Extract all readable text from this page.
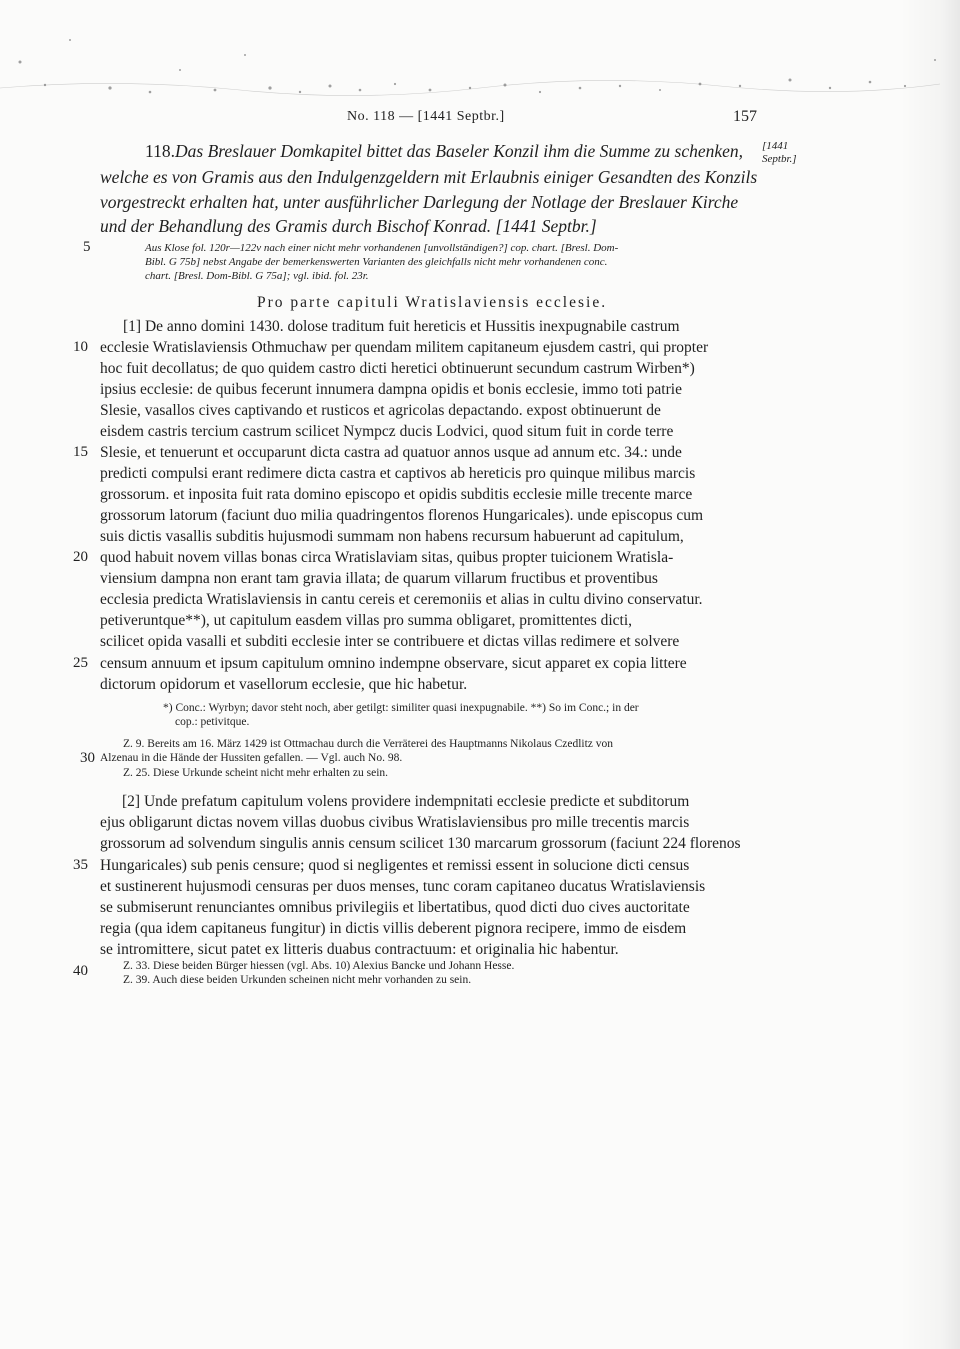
No. 118 — [1441 Septbr.]	157
118. Das Breslauer Domkapitel bittet das Baseler Konzil ihm die Summe zu schenken,
welche es von Gramis aus den Indulgenzgeldern mit Erlaubnis einiger Gesandten des Konzils
vorgestreckt erhalten hat, unter ausführlicher Darlegung der Notlage der Breslauer Kirche
und der Behandlung des Gramis durch Bischof Konrad. [1441 Septbr.]
[1441
Septbr.]
5	Aus Klose fol. 120r—122v nach einer nicht mehr vorhandenen [unvollständigen?] cop. chart. [Bresl. Dom-
Bibl. G 75b] nebst Angabe der bemerkenswerten Varianten des gleichfalls nicht mehr vorhandenen conc.
chart. [Bresl. Dom-Bibl. G 75a]; vgl. ibid. fol. 23r.
Pro parte capituli Wratislaviensis ecclesie.
[1] De anno domini 1430. dolose traditum fuit hereticis et Hussitis inexpugnabile castrum
10 ecclesie Wratislaviensis Othmuchaw per quendam militem capitaneum ejusdem castri, qui propter
hoc fuit decollatus; de quo quidem castro dicti heretici obtinuerunt secundum castrum Wirben*)
ipsius ecclesie: de quibus fecerunt innumera dampna opidis et bonis ecclesie, immo toti patrie
Slesie, vasallos cives captivando et rusticos et agricolas depactando. expost obtinuerunt de
eisdem castris tercium castrum scilicet Nympcz ducis Lodvici, quod situm fuit in corde terre
15 Slesie, et tenuerunt et occuparunt dicta castra ad quatuor annos usque ad annum etc. 34.: unde
predicti compulsi erant redimere dicta castra et captivos ab hereticis pro quinque milibus marcis
grossorum. et inposita fuit rata domino episcopo et opidis subditis ecclesie mille trecente marce
grossorum latorum (faciunt duo milia quadringentos florenos Hungaricales). unde episcopus cum
suis dictis vasallis subditis hujusmodi summam non habens recursum habuerunt ad capitulum,
20 quod habuit novem villas bonas circa Wratislaviam sitas, quibus propter tuicionem Wratisla-
viensium dampna non erant tam gravia illata; de quarum villarum fructibus et proventibus
ecclesia predicta Wratislaviensis in cantu cereis et ceremoniis et alias in cultu divino conservatur.
petiveruntque**), ut capitulum easdem villas pro summa obligaret, promittentes dicti,
scilicet opida vasalli et subditi ecclesie inter se contribuere et dictas villas redimere et solvere
25 censum annuum et ipsum capitulum omnino indempne observare, sicut apparet ex copia littere
dictorum opidorum et vasellorum ecclesie, que hic habetur.
*) Conc.: Wyrbyn; davor steht noch, aber getilgt: similiter quasi inexpugnabile. **) So im Conc.; in der
cop.: petivitque.
Z. 9. Bereits am 16. März 1429 ist Ottmachau durch die Verräterei des Hauptmanns Nikolaus Czedlitz von
30 Alzenau in die Hände der Hussiten gefallen. — Vgl. auch No. 98.
Z. 25. Diese Urkunde scheint nicht mehr erhalten zu sein.
[2] Unde prefatum capitulum volens providere indempnitati ecclesie predicte et subditorum
ejus obligarunt dictas novem villas duobus civibus Wratislaviensibus pro mille trecentis marcis
grossorum ad solvendum singulis annis censum scilicet 130 marcarum grossorum (faciunt 224 florenos
35 Hungaricales) sub penis censure; quod si negligentes et remissi essent in solucione dicti census
et sustinerent hujusmodi censuras per duos menses, tunc coram capitaneo ducatus Wratislaviensis
se submiserunt renunciantes omnibus privilegiis et libertatibus, quod dicti duo cives auctoritate
regia (qua idem capitaneus fungitur) in dictis villis deberent pignora recipere, immo de eisdem
se intromittere, sicut patet ex litteris duabus contractuum: et originalia hic habentur.
40	Z. 33. Diese beiden Bürger hiessen (vgl. Abs. 10) Alexius Bancke und Johann Hesse.
Z. 39. Auch diese beiden Urkunden scheinen nicht mehr vorhanden zu sein.
